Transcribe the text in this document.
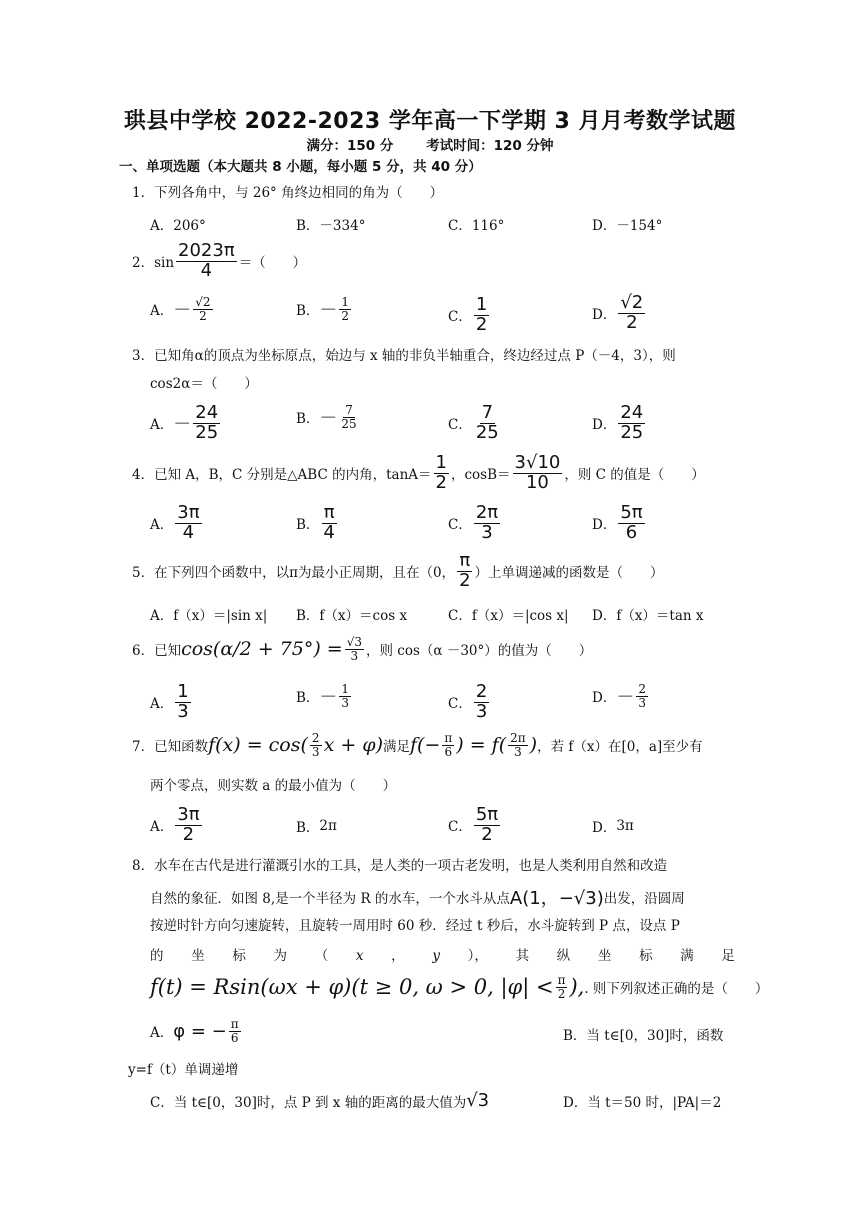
珙县中学校 2022-2023 学年高一下学期 3 月月考数学试题
满分：150 分 考试时间：120 分钟
一、单项选题（本大题共 8 小题，每小题 5 分，共 40 分）
1．下列各角中，与 26° 角终边相同的角为（　　）
A．206°	B．－334°	C．116°	D．－154°
2．$\sin \frac{2023\pi}{4}$ ＝（　　）
A． － $\frac{√2}{2}$	B． － $\frac{1}{2}$	C． $\frac{1}{2}$	D． $\frac{√2}{2}$
3．已知角α的顶点为坐标原点，始边与 x 轴的非负半轴重合，终边经过点 P（－4，3），则
cos2α＝（　　）
A． － $\frac{24}{25}$	B． － $\frac{7}{25}$	C． $\frac{7}{25}$	D． $\frac{24}{25}$
4．已知 A，B，C 分别是△ABC 的内角，$\tan A= \frac{1}{2}$ ，$\cos B= \frac{3√10}{10}$ ，则 C 的值是（　　）
A． $\frac{3\pi}{4}$	B． $\frac{\pi}{4}$	C． $\frac{2\pi}{3}$	D． $\frac{5\pi}{6}$
5．在下列四个函数中，以π为最小正周期，且在（0， $\frac{\pi}{2}$ ）上单调递减的函数是（　　）
A．f（x）＝|sin x| B．f（x）＝cos x	C．f（x）＝|cos x| D．f（x）＝tan x
6．已知 $\cos(\alpha/2 + 75^\circ) = \frac{√3}{3}$ ，则 cos（α －30°）的值为（　　）
A． $\frac{1}{3}$	B． － $\frac{1}{3}$	C． $\frac{2}{3}$	D． － $\frac{2}{3}$
7．已知函数 $f(x) = \cos( \frac{2}{3}$ x + φ) 满足 $f(- \frac{\pi}{6}$ ) = f ( $\frac{2\pi}{3}$ ) ，若 f（x）在[0，a]至少有
两个零点，则实数 a 的最小值为（　　）
A． $\frac{3\pi}{2}$	B． 2π	C． $\frac{5\pi}{2}$	D． 3π
8．水车在古代是进行灌溉引水的工具，是人类的一项古老发明，也是人类利用自然和改造
自然的象征．如图 8,是一个半径为 R 的水车，一个水斗从点 A(1，−√3) 出发，沿圆周
按逆时针方向匀速旋转，且旋转一周用时 60 秒．经过 t 秒后，水斗旋转到 P 点，设点 P
的 坐 标 为 （ x ， y ）， 其 纵 坐 标 满 足
f(t) = Rsin(ωx + φ)(t ≥ 0, ω > 0, $|\varphi| < \frac{\pi}{2}$ ), . 则下列叙述正确的是（　　）
A． φ = − $\frac{\pi}{6}$	B．当 t∈[0，30]时，函数
y=f（t）单调递增
C．当 t∈[0，30]时，点 P 到 x 轴的距离的最大值为 √3	D．当 t＝50 时，|PA|＝2
